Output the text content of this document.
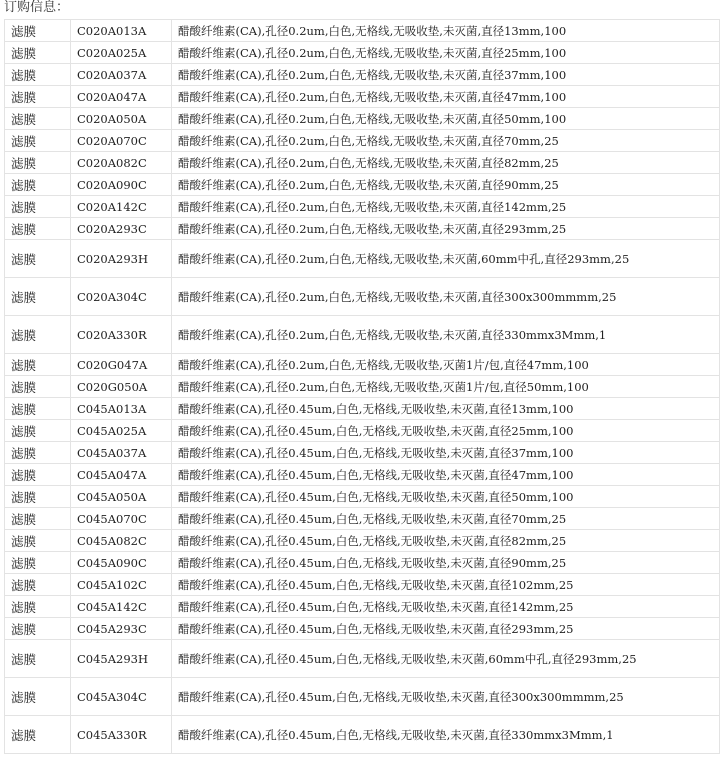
订购信息：
滤膜	C020A013A	醋酸纤维素(CA),孔径0.2um,白色,无格线,无吸收垫,未灭菌,直径13mm,100
滤膜	C020A025A	醋酸纤维素(CA),孔径0.2um,白色,无格线,无吸收垫,未灭菌,直径25mm,100
滤膜	C020A037A	醋酸纤维素(CA),孔径0.2um,白色,无格线,无吸收垫,未灭菌,直径37mm,100
滤膜	C020A047A	醋酸纤维素(CA),孔径0.2um,白色,无格线,无吸收垫,未灭菌,直径47mm,100
滤膜	C020A050A	醋酸纤维素(CA),孔径0.2um,白色,无格线,无吸收垫,未灭菌,直径50mm,100
滤膜	C020A070C	醋酸纤维素(CA),孔径0.2um,白色,无格线,无吸收垫,未灭菌,直径70mm,25
滤膜	C020A082C	醋酸纤维素(CA),孔径0.2um,白色,无格线,无吸收垫,未灭菌,直径82mm,25
滤膜	C020A090C	醋酸纤维素(CA),孔径0.2um,白色,无格线,无吸收垫,未灭菌,直径90mm,25
滤膜	C020A142C	醋酸纤维素(CA),孔径0.2um,白色,无格线,无吸收垫,未灭菌,直径142mm,25
滤膜	C020A293C	醋酸纤维素(CA),孔径0.2um,白色,无格线,无吸收垫,未灭菌,直径293mm,25
滤膜	C020A293H	醋酸纤维素(CA),孔径0.2um,白色,无格线,无吸收垫,未灭菌,60mm中孔,直径293mm,25
滤膜	C020A304C	醋酸纤维素(CA),孔径0.2um,白色,无格线,无吸收垫,未灭菌,直径300x300mmmm,25
滤膜	C020A330R	醋酸纤维素(CA),孔径0.2um,白色,无格线,无吸收垫,未灭菌,直径330mmx3Mmm,1
滤膜	C020G047A	醋酸纤维素(CA),孔径0.2um,白色,无格线,无吸收垫,灭菌1片/包,直径47mm,100
滤膜	C020G050A	醋酸纤维素(CA),孔径0.2um,白色,无格线,无吸收垫,灭菌1片/包,直径50mm,100
滤膜	C045A013A	醋酸纤维素(CA),孔径0.45um,白色,无格线,无吸收垫,未灭菌,直径13mm,100
滤膜	C045A025A	醋酸纤维素(CA),孔径0.45um,白色,无格线,无吸收垫,未灭菌,直径25mm,100
滤膜	C045A037A	醋酸纤维素(CA),孔径0.45um,白色,无格线,无吸收垫,未灭菌,直径37mm,100
滤膜	C045A047A	醋酸纤维素(CA),孔径0.45um,白色,无格线,无吸收垫,未灭菌,直径47mm,100
滤膜	C045A050A	醋酸纤维素(CA),孔径0.45um,白色,无格线,无吸收垫,未灭菌,直径50mm,100
滤膜	C045A070C	醋酸纤维素(CA),孔径0.45um,白色,无格线,无吸收垫,未灭菌,直径70mm,25
滤膜	C045A082C	醋酸纤维素(CA),孔径0.45um,白色,无格线,无吸收垫,未灭菌,直径82mm,25
滤膜	C045A090C	醋酸纤维素(CA),孔径0.45um,白色,无格线,无吸收垫,未灭菌,直径90mm,25
滤膜	C045A102C	醋酸纤维素(CA),孔径0.45um,白色,无格线,无吸收垫,未灭菌,直径102mm,25
滤膜	C045A142C	醋酸纤维素(CA),孔径0.45um,白色,无格线,无吸收垫,未灭菌,直径142mm,25
滤膜	C045A293C	醋酸纤维素(CA),孔径0.45um,白色,无格线,无吸收垫,未灭菌,直径293mm,25
滤膜	C045A293H	醋酸纤维素(CA),孔径0.45um,白色,无格线,无吸收垫,未灭菌,60mm中孔,直径293mm,25
滤膜	C045A304C	醋酸纤维素(CA),孔径0.45um,白色,无格线,无吸收垫,未灭菌,直径300x300mmmm,25
滤膜	C045A330R	醋酸纤维素(CA),孔径0.45um,白色,无格线,无吸收垫,未灭菌,直径330mmx3Mmm,1
